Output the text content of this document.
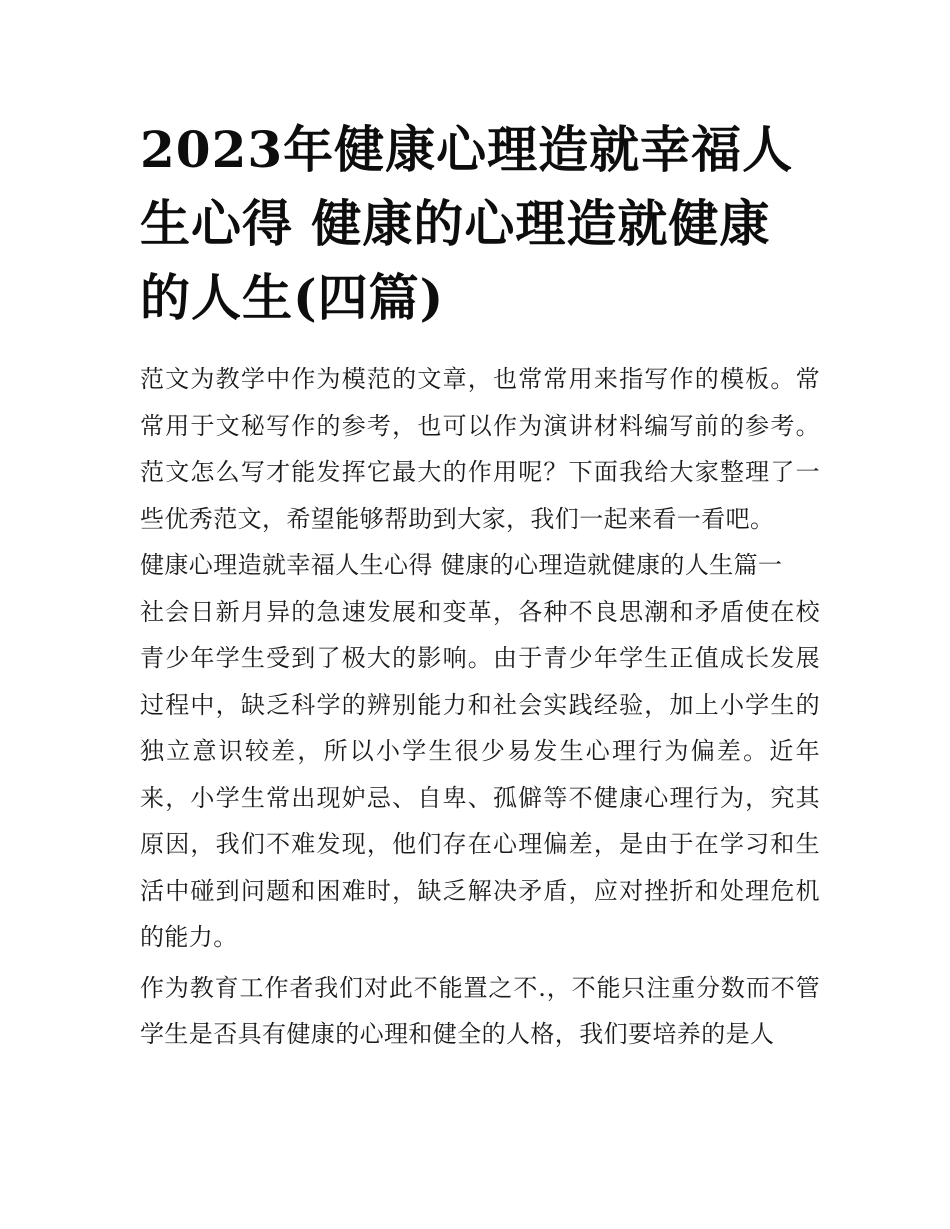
2023年健康心理造就幸福人生心得 健康的心理造就健康的人生(四篇)

范文为教学中作为模范的文章，也常常用来指写作的模板。常常用于文秘写作的参考，也可以作为演讲材料编写前的参考。范文怎么写才能发挥它最大的作用呢？下面我给大家整理了一些优秀范文，希望能够帮助到大家，我们一起来看一看吧。

健康心理造就幸福人生心得 健康的心理造就健康的人生篇一

社会日新月异的急速发展和变革，各种不良思潮和矛盾使在校青少年学生受到了极大的影响。由于青少年学生正值成长发展过程中，缺乏科学的辨别能力和社会实践经验，加上小学生的独立意识较差，所以小学生很少易发生心理行为偏差。近年来，小学生常出现妒忌、自卑、孤僻等不健康心理行为，究其原因，我们不难发现，他们存在心理偏差，是由于在学习和生活中碰到问题和困难时，缺乏解决矛盾，应对挫折和处理危机的能力。

作为教育工作者我们对此不能置之不.，不能只注重分数而不管学生是否具有健康的心理和健全的人格，我们要培养的是人
